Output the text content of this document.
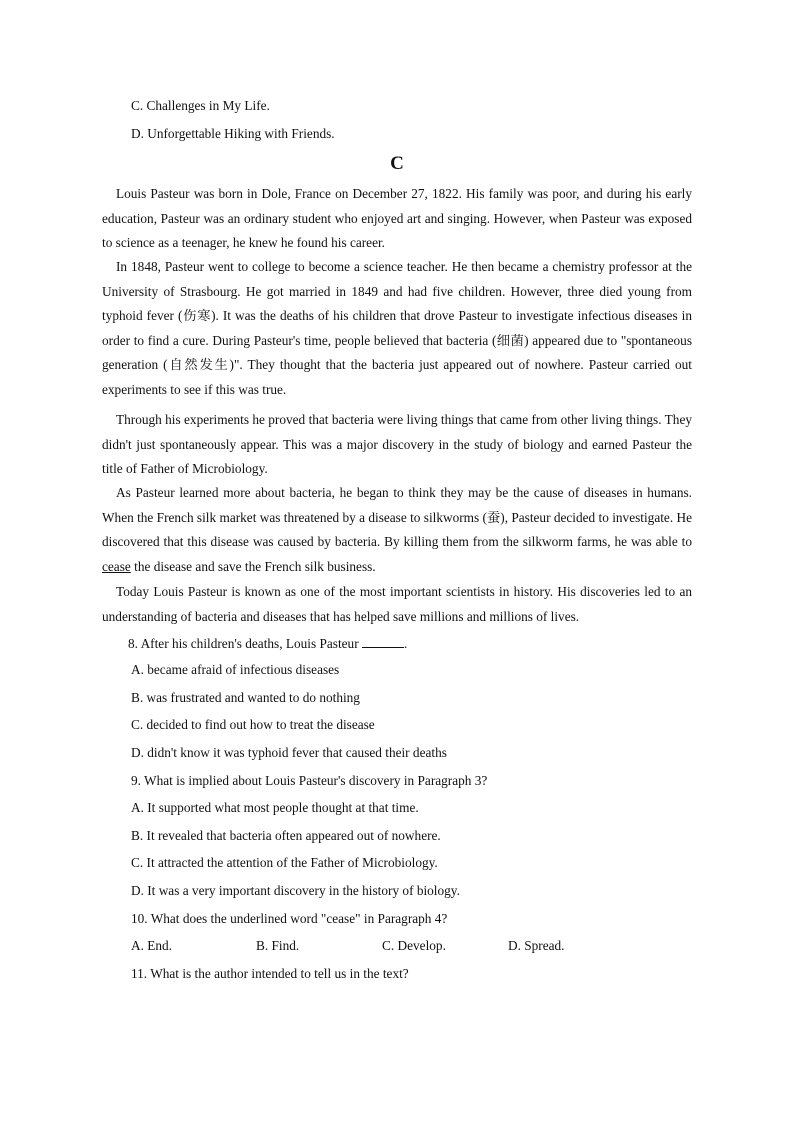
C. Challenges in My Life.
D. Unforgettable Hiking with Friends.
C
Louis Pasteur was born in Dole, France on December 27, 1822. His family was poor, and during his early education, Pasteur was an ordinary student who enjoyed art and singing. However, when Pasteur was exposed to science as a teenager, he knew he found his career.
In 1848, Pasteur went to college to become a science teacher. He then became a chemistry professor at the University of Strasbourg. He got married in 1849 and had five children. However, three died young from typhoid fever (伤寒). It was the deaths of his children that drove Pasteur to investigate infectious diseases in order to find a cure. During Pasteur's time, people believed that bacteria (细菌) appeared due to "spontaneous generation (自然发生)". They thought that the bacteria just appeared out of nowhere. Pasteur carried out experiments to see if this was true.
Through his experiments he proved that bacteria were living things that came from other living things. They didn't just spontaneously appear. This was a major discovery in the study of biology and earned Pasteur the title of Father of Microbiology.
As Pasteur learned more about bacteria, he began to think they may be the cause of diseases in humans. When the French silk market was threatened by a disease to silkworms (蚕), Pasteur decided to investigate. He discovered that this disease was caused by bacteria. By killing them from the silkworm farms, he was able to cease the disease and save the French silk business.
Today Louis Pasteur is known as one of the most important scientists in history. His discoveries led to an understanding of bacteria and diseases that has helped save millions and millions of lives.
8. After his children's deaths, Louis Pasteur	.
A. became afraid of infectious diseases
B. was frustrated and wanted to do nothing
C. decided to find out how to treat the disease
D. didn't know it was typhoid fever that caused their deaths
9. What is implied about Louis Pasteur's discovery in Paragraph 3?
A. It supported what most people thought at that time.
B. It revealed that bacteria often appeared out of nowhere.
C. It attracted the attention of the Father of Microbiology.
D. It was a very important discovery in the history of biology.
10. What does the underlined word "cease" in Paragraph 4?
A. End.	B. Find.	C. Develop.	D. Spread.
11. What is the author intended to tell us in the text?
